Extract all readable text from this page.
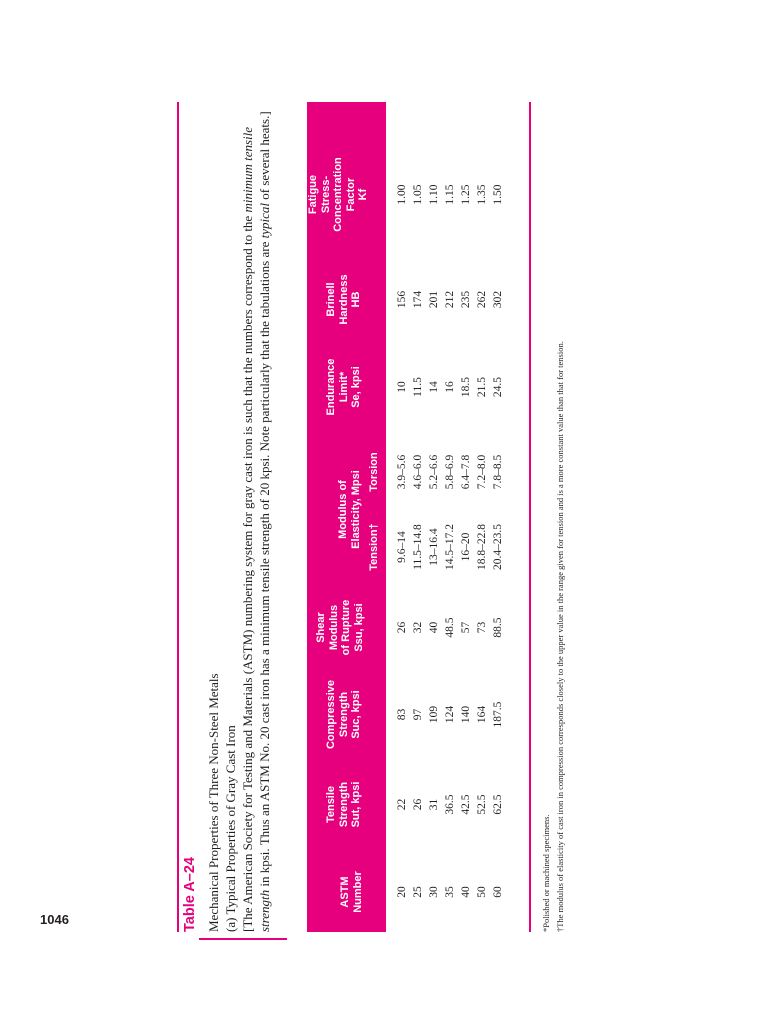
1046	Table A–24 Mechanical Properties of Three Non-Steel Metals (a) Typical Properties of Gray Cast Iron [The American Society for Testing and Materials (ASTM) numbering system for gray cast iron is such that the numbers correspond to the minimum tensile strength in kpsi. Thus an ASTM No. 20 cast iron has a minimum tensile strength of 20 kpsi. Note particularly that the tabulations are typical of several heats.]
ASTM Number
Tensile Strength Sut, kpsi
Compressive Strength Suc, kpsi
Shear Modulus of Rupture Ssu, kpsi
Tension†
Torsion
Endurance Limit* Se, kpsi
Brinell Hardness HB
Fatigue Stress- Concentration Factor Kf
Modulus of Elasticity, Mpsi
20
22
83
26
9.6–14
3.9–5.6
10
156
1.00
25
26
97
32
11.5–14.8
4.6–6.0
11.5
174
1.05
30
31
109
40
13–16.4
5.2–6.6
14
201
1.10
35
36.5
124
48.5
14.5–17.2
5.8–6.9
16
212
1.15
40
42.5
140
57
16–20
6.4–7.8
18.5
235
1.25
50
52.5
164
73
18.8–22.8
7.2–8.0
21.5
262
1.35
60
62.5
187.5
88.5
20.4–23.5
7.8–8.5
24.5
302
1.50
*Polished or machined specimens. †The modulus of elasticity of cast iron in compression corresponds closely to the upper value in the range given for tension and is a more constant value than that for tension.
